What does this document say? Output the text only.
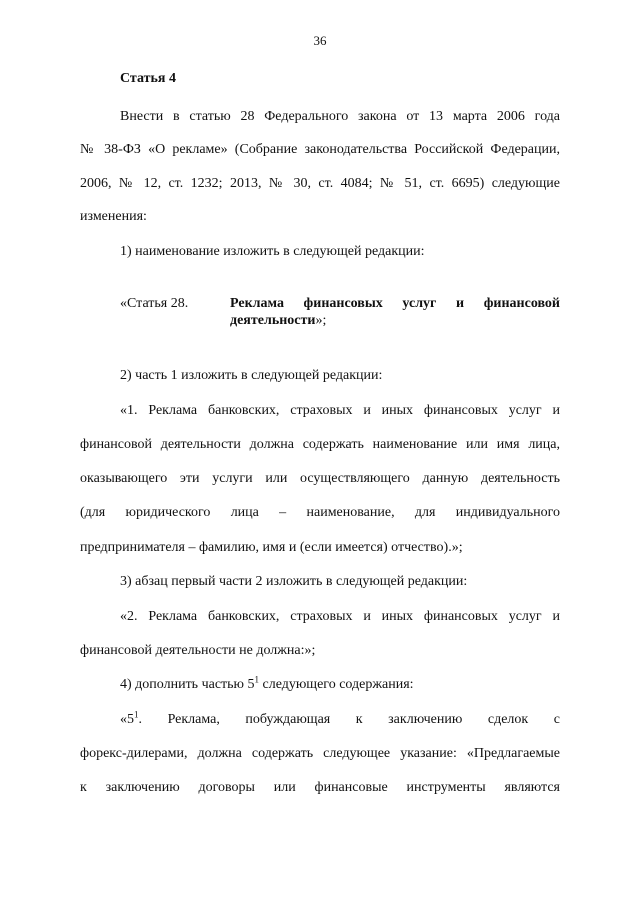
36
Статья 4
Внести в статью 28 Федерального закона от 13 марта 2006 года
№ 38-ФЗ «О рекламе» (Собрание законодательства Российской Федерации,
2006, № 12, ст. 1232; 2013, № 30, ст. 4084; № 51, ст. 6695) следующие
изменения:
1) наименование изложить в следующей редакции:
«Статья 28.	Реклама финансовых услуг и финансовой
деятельности»;
2) часть 1 изложить в следующей редакции:
«1. Реклама банковских, страховых и иных финансовых услуг и
финансовой деятельности должна содержать наименование или имя лица,
оказывающего эти услуги или осуществляющего данную деятельность
(для юридического лица – наименование, для индивидуального
предпринимателя – фамилию, имя и (если имеется) отчество).»;
3) абзац первый части 2 изложить в следующей редакции:
«2. Реклама банковских, страховых и иных финансовых услуг и
финансовой деятельности не должна:»;
4) дополнить частью $5^1$ следующего содержания:
«$5^1$. Реклама, побуждающая к заключению сделок с
форекс-дилерами, должна содержать следующее указание: «Предлагаемые
к заключению договоры или финансовые инструменты являются
